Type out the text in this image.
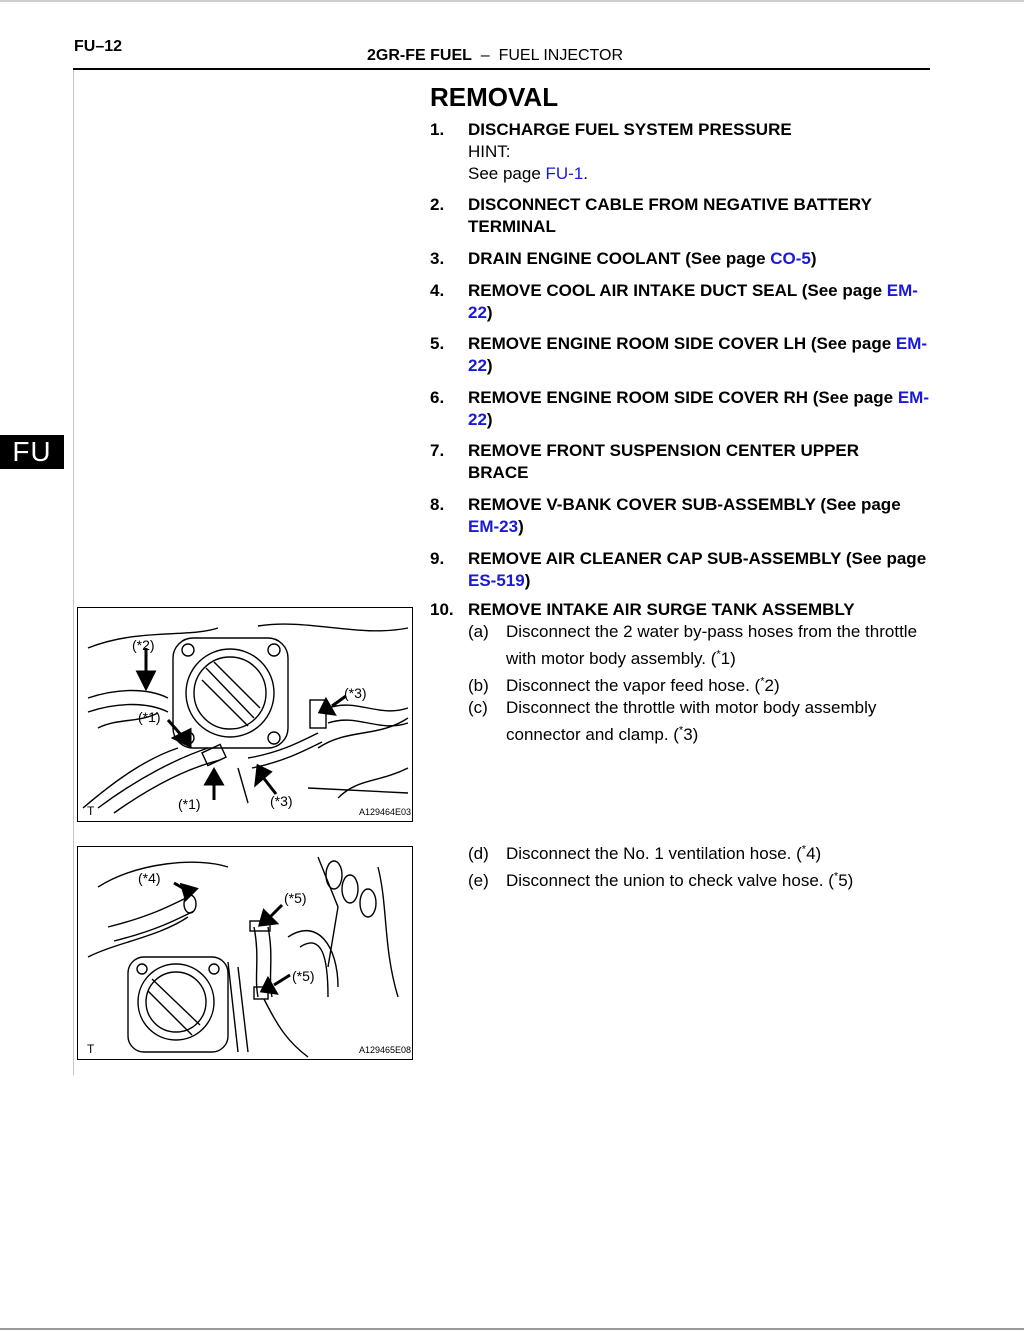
FU–12
2GR-FE FUEL – FUEL INJECTOR
FU
REMOVAL
1. DISCHARGE FUEL SYSTEM PRESSURE
HINT:
See page FU-1.
2. DISCONNECT CABLE FROM NEGATIVE BATTERY TERMINAL
3. DRAIN ENGINE COOLANT (See page CO-5)
4. REMOVE COOL AIR INTAKE DUCT SEAL (See page EM-22)
5. REMOVE ENGINE ROOM SIDE COVER LH (See page EM-22)
6. REMOVE ENGINE ROOM SIDE COVER RH (See page EM-22)
7. REMOVE FRONT SUSPENSION CENTER UPPER BRACE
8. REMOVE V-BANK COVER SUB-ASSEMBLY (See page EM-23)
9. REMOVE AIR CLEANER CAP SUB-ASSEMBLY (See page ES-519)
10. REMOVE INTAKE AIR SURGE TANK ASSEMBLY
(a) Disconnect the 2 water by-pass hoses from the throttle with motor body assembly. (*1)
(b) Disconnect the vapor feed hose. (*2)
(c) Disconnect the throttle with motor body assembly connector and clamp. (*3)
(d) Disconnect the No. 1 ventilation hose. (*4)
(e) Disconnect the union to check valve hose. (*5)
(*2)
(*1)
(*3)
(*1)	(*3)
T	A129464E03
(*4)
(*5)
(*5)
T	A129465E08
